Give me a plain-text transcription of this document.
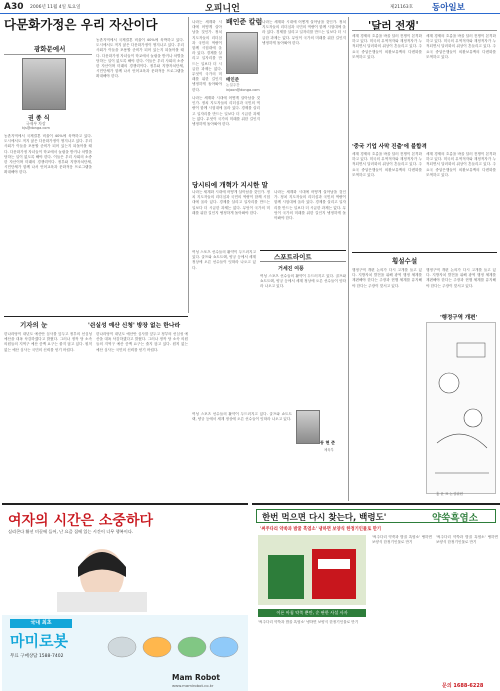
A30 2006년 11월 4일 토요일	오피니언	제21163호 동아일보
다문화가정은 우리 자산이다
광화문에서
권 종 식
국제부 차장
kjs@donga.com
농촌지역에서 국제결혼 비율이 40%에 육박하고 있다. 도시에서도 적지 않은 다문화가정이 생겨나고 있다. 우리 사회가 이들을 포용할 준비가 되어 있는지 되돌아볼 때다. 다문화가정 자녀들이 학교에서 놀림을 받거나 차별을 당하는 일이 없도록 해야 한다. 이들은 우리 사회의 소중한 자산이며 미래의 경쟁력이다. 정부와 지방자치단체, 시민단체가 함께 나서 언어교육과 문화적응 프로그램을 확대해야 한다.
농촌지역에서 국제결혼 비율이 40%에 육박하고 있다. 도시에서도 적지 않은 다문화가정이 생겨나고 있다. 우리 사회가 이들을 포용할 준비가 되어 있는지 되돌아볼 때다. 다문화가정 자녀들이 학교에서 놀림을 받거나 차별을 당하는 일이 없도록 해야 한다. 이들은 우리 사회의 소중한 자산이며 미래의 경쟁력이다. 정부와 지방자치단체, 시민단체가 함께 나서 언어교육과 문화적응 프로그램을 확대해야 한다.
배인준 칼럼
배인준
논설주간
injoon@donga.com
나라는 세계화 시대에 어떻게 살아남을 것인가. 정치 지도자들의 리더십과 국민의 역량이 함께 시험대에 올라 있다. 경제를 살리고 일자리를 만드는 일보다 더 시급한 과제는 없다. 무엇이 국가의 미래를 위한 길인지 냉정하게 돌아봐야 한다.
나라는 세계화 시대에 어떻게 살아남을 것인가. 정치 지도자들의 리더십과 국민의 역량이 함께 시험대에 올라 있다. 경제를 살리고 일자리를 만드는 일보다 더 시급한 과제는 없다. 무엇이 국가의 미래를 위한 길인지 냉정하게 돌아봐야 한다.
나라는 세계화 시대에 어떻게 살아남을 것인가. 정치 지도자들의 리더십과 국민의 역량이 함께 시험대에 올라 있다. 경제를 살리고 일자리를 만드는 일보다 더 시급한 과제는 없다. 무엇이 국가의 미래를 위한 길인지 냉정하게 돌아봐야 한다.
당시티에 개혁가 지시한 말
나라는 세계화 시대에 어떻게 살아남을 것인가. 정치 지도자들의 리더십과 국민의 역량이 함께 시험대에 올라 있다. 경제를 살리고 일자리를 만드는 일보다 더 시급한 과제는 없다. 무엇이 국가의 미래를 위한 길인지 냉정하게 돌아봐야 한다.
나라는 세계화 시대에 어떻게 살아남을 것인가. 정치 지도자들의 리더십과 국민의 역량이 함께 시험대에 올라 있다. 경제를 살리고 일자리를 만드는 일보다 더 시급한 과제는 없다. 무엇이 국가의 미래를 위한 길인지 냉정하게 돌아봐야 한다.
스포트라이트
거세진 여풍
여성 스포츠 선수들의 활약이 두드러지고 있다. 골프와 쇼트트랙, 양궁 등에서 세계 정상에 오른 선수들이 잇따라 나오고 있다.
여성 스포츠 선수들의 활약이 두드러지고 있다. 골프와 쇼트트랙, 양궁 등에서 세계 정상에 오른 선수들이 잇따라 나오고 있다.
동 현 준
체육부
여성 스포츠 선수들의 활약이 두드러지고 있다. 골프와 쇼트트랙, 양궁 등에서 세계 정상에 오른 선수들이 잇따라 나오고 있다.
'달러 전쟁'
세계 경제의 흐름을 바꿀 달러 전쟁이 본격화하고 있다. 미국의 무역적자와 재정적자가 누적되면서 달러화의 위상이 흔들리고 있다. 주요국 중앙은행들이 외환보유액의 다변화를 모색하고 있다.
세계 경제의 흐름을 바꿀 달러 전쟁이 본격화하고 있다. 미국의 무역적자와 재정적자가 누적되면서 달러화의 위상이 흔들리고 있다. 주요국 중앙은행들이 외환보유액의 다변화를 모색하고 있다.
'중국 기업 사막 진출'에 불합격
세계 경제의 흐름을 바꿀 달러 전쟁이 본격화하고 있다. 미국의 무역적자와 재정적자가 누적되면서 달러화의 위상이 흔들리고 있다. 주요국 중앙은행들이 외환보유액의 다변화를 모색하고 있다.
세계 경제의 흐름을 바꿀 달러 전쟁이 본격화하고 있다. 미국의 무역적자와 재정적자가 누적되면서 달러화의 위상이 흔들리고 있다. 주요국 중앙은행들이 외환보유액의 다변화를 모색하고 있다.
횡설수설
행정구역 개편 논의가 다시 고개를 들고 있다. 지방자치 발전을 위해 광역 행정 체계를 재편해야 한다는 주장과 현행 체계를 유지해야 한다는 주장이 맞서고 있다.
행정구역 개편 논의가 다시 고개를 들고 있다. 지방자치 발전을 위해 광역 행정 체계를 재편해야 한다는 주장과 현행 체계를 유지해야 한다는 주장이 맞서고 있다.
'행정구역 개편'
홍 윤 표 논설위원
기자의 눈	'쉰실성 예산 신청' 방장 없는 한나라
한나라당이 내년도 예산안 심사를 앞두고 정부의 선심성 예산을 대폭 삭감하겠다고 밝혔다. 그러나 정작 당 소속 의원들의 지역구 예산 증액 요구는 줄지 않고 있다. 원칙 없는 예산 심사는 국민의 신뢰를 얻기 어렵다.
한나라당이 내년도 예산안 심사를 앞두고 정부의 선심성 예산을 대폭 삭감하겠다고 밝혔다. 그러나 정작 당 소속 의원들의 지역구 예산 증액 요구는 줄지 않고 있다. 원칙 없는 예산 심사는 국민의 신뢰를 얻기 어렵다.
여자의 시간은 소중하다
실리콘다 활선 미끌에 들어, 난 요즘 집에 있는 시간이 너무 행복이다.
국내 최초
마미로봇
무료 구매상담 1588-7402
Mam Robot
www.mamirobot.co.kr
한번 먹으면 다시 찾는다, 백령도'	약쑥흑염소
'써주다리 약쑥과 밤꿀 흑염소' 냉하면 보양식 한정기인물로 만기
'써주다리 약쑥과 밤꿀 흑염소' 냉하면 보양식 한정기인물로 만기
'써주다리 약쑥과 밤꿀 흑염소' 냉하면 보양식 한정기인물로 만기
이른 아침 약쑥 뿐만, 순 판한 사설 사자
'써주다리 약쑥과 밤꿀 흑염소' 냉하면 보양식 한정기인물로 만기
문의 1688-6228
